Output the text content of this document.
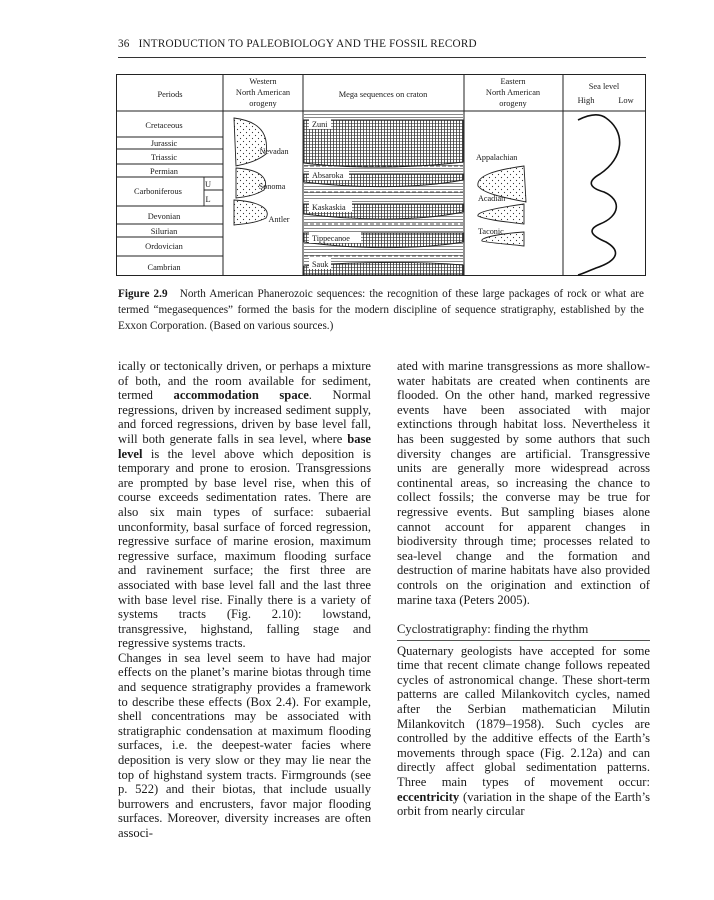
36 INTRODUCTION TO PALEOBIOLOGY AND THE FOSSIL RECORD
Periods
Western
North American
orogeny
Mega sequences on craton
Eastern
North American
orogeny
Sea level
High	Low
Cretaceous
Jurassic
Triassic
Permian
Carboniferous
U
L
Devonian
Silurian
Ordovician
Cambrian
Nevadan
Sonoma
Antler
Zuni
Absaroka
Kaskaskia
Tippecanoe
Sauk
Appalachian
Acadian
Taconic
Figure 2.9 North American Phanerozoic sequences: the recognition of these large packages of rock or what are termed “megasequences” formed the basis for the modern discipline of sequence stratigraphy, established by the Exxon Corporation. (Based on various sources.)

ically or tectonically driven, or perhaps a mixture of both, and the room available for sediment, termed accommodation space. Normal regressions, driven by increased sediment supply, and forced regressions, driven by base level fall, will both generate falls in sea level, where base level is the level above which deposition is temporary and prone to erosion. Transgressions are prompted by base level rise, when this of course exceeds sedimentation rates. There are also six main types of surface: subaerial unconformity, basal surface of forced regression, regressive surface of marine erosion, maximum regressive surface, maximum flooding surface and ravinement surface; the first three are associated with base level fall and the last three with base level rise. Finally there is a variety of systems tracts (Fig. 2.10): lowstand, transgressive, highstand, falling stage and regressive systems tracts.

Changes in sea level seem to have had major effects on the planet’s marine biotas through time and sequence stratigraphy provides a framework to describe these effects (Box 2.4). For example, shell concentrations may be associated with stratigraphic condensation at maximum flooding surfaces, i.e. the deepest-water facies where deposition is very slow or they may lie near the top of highstand system tracts. Firmgrounds (see p. 522) and their biotas, that include usually burrowers and encrusters, favor major flooding surfaces. Moreover, diversity increases are often associ-

ated with marine transgressions as more shallow-water habitats are created when continents are flooded. On the other hand, marked regressive events have been associated with major extinctions through habitat loss. Nevertheless it has been suggested by some authors that such diversity changes are artificial. Transgressive units are generally more widespread across continental areas, so increasing the chance to collect fossils; the converse may be true for regressive events. But sampling biases alone cannot account for apparent changes in biodiversity through time; processes related to sea-level change and the formation and destruction of marine habitats have also provided controls on the origination and extinction of marine taxa (Peters 2005).

Cyclostratigraphy: finding the rhythm

Quaternary geologists have accepted for some time that recent climate change follows repeated cycles of astronomical change. These short-term patterns are called Milankovitch cycles, named after the Serbian mathematician Milutin Milankovitch (1879–1958). Such cycles are controlled by the additive effects of the Earth’s movements through space (Fig. 2.12a) and can directly affect global sedimentation patterns. Three main types of movement occur: eccentricity (variation in the shape of the Earth’s orbit from nearly circular
